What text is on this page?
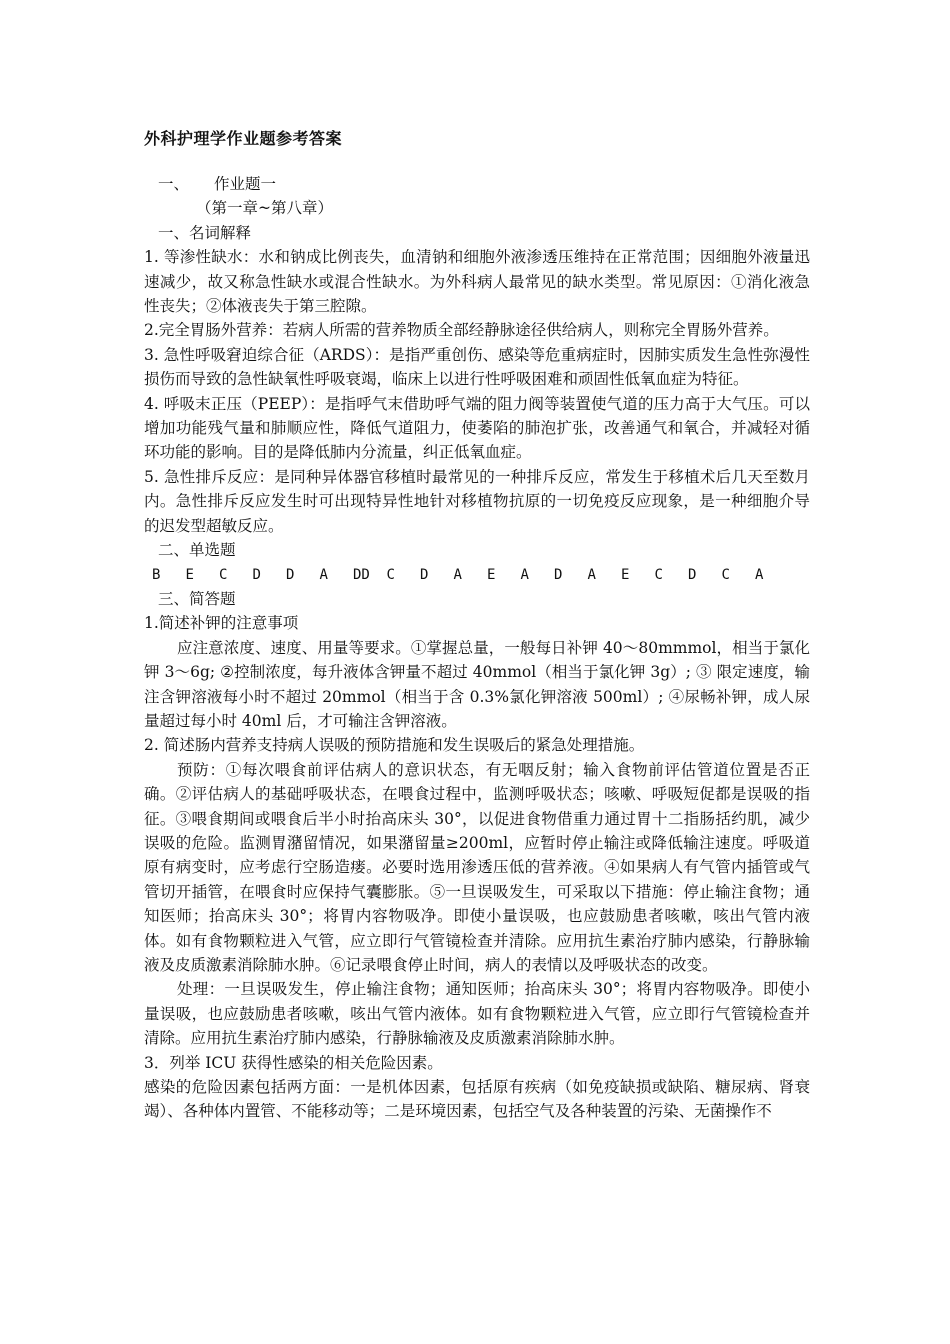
外科护理学作业题参考答案

一、 作业题一

（第一章~第八章）

一、名词解释

1. 等渗性缺水：水和钠成比例丧失，血清钠和细胞外液渗透压维持在正常范围；因细胞外液量迅速减少，故又称急性缺水或混合性缺水。为外科病人最常见的缺水类型。常见原因：①消化液急性丧失；②体液丧失于第三腔隙。

2.完全胃肠外营养：若病人所需的营养物质全部经静脉途径供给病人，则称完全胃肠外营养。

3. 急性呼吸窘迫综合征（ARDS）：是指严重创伤、感染等危重病症时，因肺实质发生急性弥漫性损伤而导致的急性缺氧性呼吸衰竭，临床上以进行性呼吸困难和顽固性低氧血症为特征。

4. 呼吸末正压（PEEP）：是指呼气末借助呼气端的阻力阀等装置使气道的压力高于大气压。可以增加功能残气量和肺顺应性，降低气道阻力，使萎陷的肺泡扩张，改善通气和氧合，并减轻对循环功能的影响。目的是降低肺内分流量，纠正低氧血症。

5. 急性排斥反应：是同种异体器官移植时最常见的一种排斥反应，常发生于移植术后几天至数月内。急性排斥反应发生时可出现特异性地针对移植物抗原的一切免疫反应现象，是一种细胞介导的迟发型超敏反应。

二、单选题

B E C D D A DD C D A E A D A E C D C A

三、简答题

1.简述补钾的注意事项

应注意浓度、速度、用量等要求。①掌握总量，一般每日补钾 40～80mmmol，相当于氯化钾 3～6g; ②控制浓度，每升液体含钾量不超过 40mmol（相当于氯化钾 3g）; ③ 限定速度，输注含钾溶液每小时不超过 20mmol（相当于含 0.3%氯化钾溶液 500ml）; ④尿畅补钾，成人尿量超过每小时 40ml 后，才可输注含钾溶液。

2. 简述肠内营养支持病人误吸的预防措施和发生误吸后的紧急处理措施。

预防：①每次喂食前评估病人的意识状态，有无咽反射；输入食物前评估管道位置是否正确。②评估病人的基础呼吸状态，在喂食过程中，监测呼吸状态；咳嗽、呼吸短促都是误吸的指征。③喂食期间或喂食后半小时抬高床头 30°，以促进食物借重力通过胃十二指肠括约肌，减少误吸的危险。监测胃潴留情况，如果潴留量≥200ml，应暂时停止输注或降低输注速度。呼吸道原有病变时，应考虑行空肠造瘘。必要时选用渗透压低的营养液。④如果病人有气管内插管或气管切开插管，在喂食时应保持气囊膨胀。⑤一旦误吸发生，可采取以下措施：停止输注食物；通知医师；抬高床头 30°；将胃内容物吸净。即使小量误吸，也应鼓励患者咳嗽，咳出气管内液体。如有食物颗粒进入气管，应立即行气管镜检查并清除。应用抗生素治疗肺内感染，行静脉输液及皮质激素消除肺水肿。⑥记录喂食停止时间，病人的表情以及呼吸状态的改变。

处理：一旦误吸发生，停止输注食物；通知医师；抬高床头 30°；将胃内容物吸净。即使小量误吸，也应鼓励患者咳嗽，咳出气管内液体。如有食物颗粒进入气管，应立即行气管镜检查并清除。应用抗生素治疗肺内感染，行静脉输液及皮质激素消除肺水肿。

3．列举 ICU 获得性感染的相关危险因素。

感染的危险因素包括两方面：一是机体因素，包括原有疾病（如免疫缺损或缺陷、糖尿病、肾衰竭）、各种体内置管、不能移动等；二是环境因素，包括空气及各种装置的污染、无菌操作不
